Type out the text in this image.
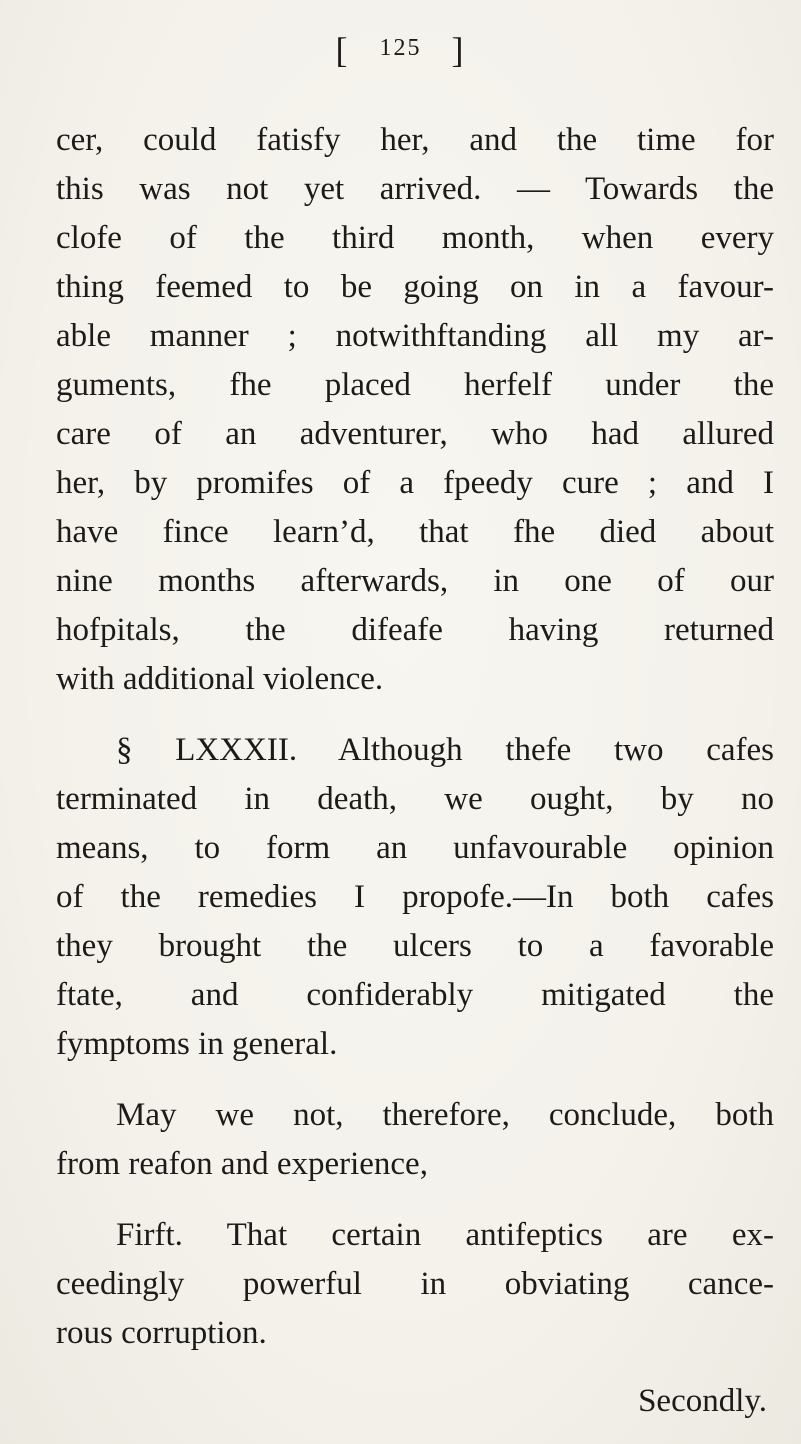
[ 125 ]
cer, could fatisfy her, and the time for
this was not yet arrived. — Towards the
clofe of the third month, when every
thing feemed to be going on in a favour-
able manner ; notwithftanding all my ar-
guments, fhe placed herfelf under the
care of an adventurer, who had allured
her, by promifes of a fpeedy cure ; and I
have fince learn’d, that fhe died about
nine months afterwards, in one of our
hofpitals, the difeafe having returned
with additional violence.
§ LXXXII. Although thefe two cafes
terminated in death, we ought, by no
means, to form an unfavourable opinion
of the remedies I propofe.—In both cafes
they brought the ulcers to a favorable
ftate, and confiderably mitigated the
fymptoms in general.
May we not, therefore, conclude, both
from reafon and experience,
Firft. That certain antifeptics are ex-
ceedingly powerful in obviating cance-
rous corruption.
Secondly.
